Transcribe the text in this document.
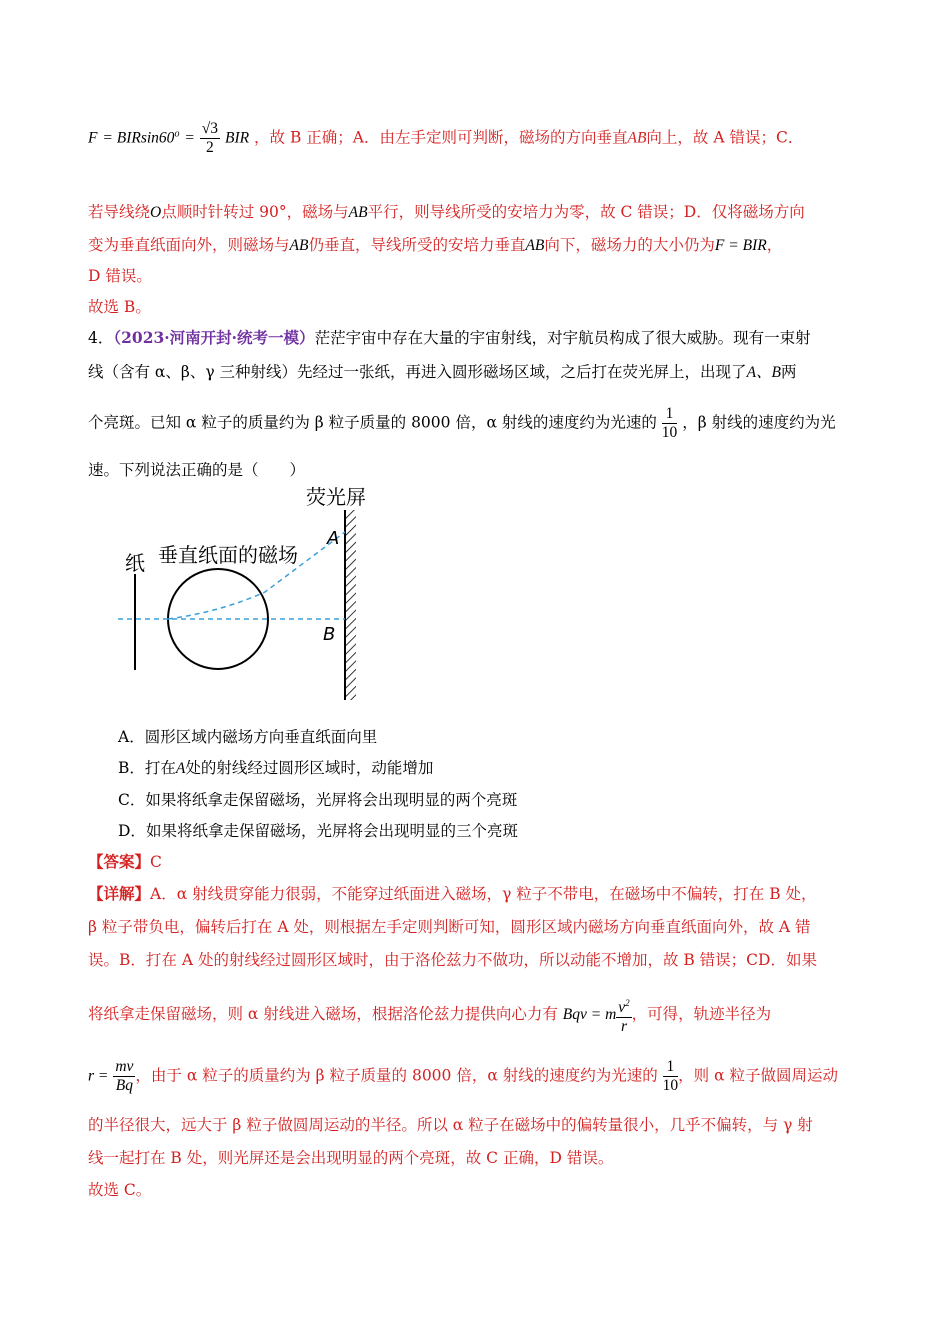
$F = BIRsin60^o = \frac{√3}{2}$ BIR ，故 B 正确；A．由左手定则可判断，磁场的方向垂直AB向上，故 A 错误；C．
若导线绕O点顺时针转过 90°，磁场与AB平行，则导线所受的安培力为零，故 C 错误；D．仅将磁场方向
变为垂直纸面向外，则磁场与AB仍垂直，导线所受的安培力垂直AB向下，磁场力的大小仍为F = BIR，
D 错误。
故选 B。
4．（2023·河南开封·统考一模）茫茫宇宙中存在大量的宇宙射线，对宇航员构成了很大威胁。现有一束射
线（含有 α、β、γ 三种射线）先经过一张纸，再进入圆形磁场区域，之后打在荧光屏上，出现了A、B两
个亮斑。已知 α 粒子的质量约为 β 粒子质量的 8000 倍，α 射线的速度约为光速的 $\frac{1}{10}$ ，β 射线的速度约为光
速。下列说法正确的是（　　）
纸 垂直纸面的磁场
荧光屏
A
B
A．圆形区域内磁场方向垂直纸面向里
B．打在A处的射线经过圆形区域时，动能增加
C．如果将纸拿走保留磁场，光屏将会出现明显的两个亮斑
D．如果将纸拿走保留磁场，光屏将会出现明显的三个亮斑
【答案】C
【详解】A．α 射线贯穿能力很弱，不能穿过纸面进入磁场，γ 粒子不带电，在磁场中不偏转，打在 B 处，
β 粒子带负电，偏转后打在 A 处，则根据左手定则判断可知，圆形区域内磁场方向垂直纸面向外，故 A 错
误。B．打在 A 处的射线经过圆形区域时，由于洛伦兹力不做功，所以动能不增加，故 B 错误；CD．如果
将纸拿走保留磁场，则 α 射线进入磁场，根据洛伦兹力提供向心力有 Bqv = m $\frac{v^2}{r}$ ，可得，轨迹半径为
$r = \frac{mv}{Bq}$ ，由于 α 粒子的质量约为 β 粒子质量的 8000 倍，α 射线的速度约为光速的 $\frac{1}{10}$ ，则 α 粒子做圆周运动
的半径很大，远大于 β 粒子做圆周运动的半径。所以 α 粒子在磁场中的偏转量很小，几乎不偏转，与 γ 射
线一起打在 B 处，则光屏还是会出现明显的两个亮斑，故 C 正确，D 错误。
故选 C。
